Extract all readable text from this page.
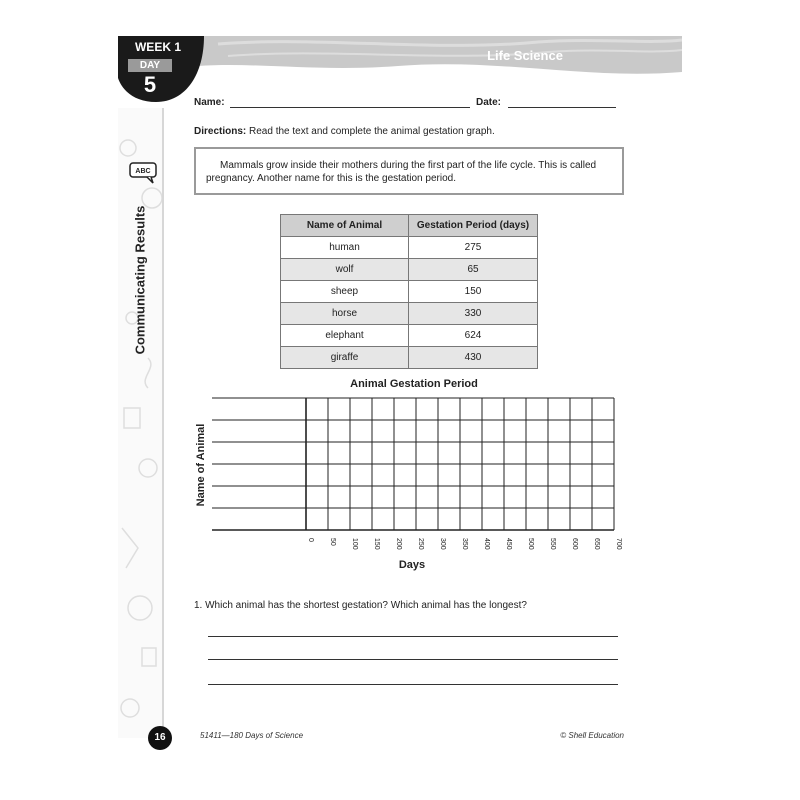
Life Science
WEEK 1
DAY
5
ABC
Communicating Results
Name:	Date:
Directions: Read the text and complete the animal gestation graph.

Mammals grow inside their mothers during the first part of the life cycle. This is called pregnancy. Another name for this is the gestation period.

Name of Animal	Gestation Period (days)
human	275
wolf	65
sheep	150
horse	330
elephant	624
giraffe	430
Animal Gestation Period
0 50 100 150 200 250 300 350 400 450 500 550 600 650 700
Name of Animal
Days
1. Which animal has the shortest gestation? Which animal has the longest?
16	51411—180 Days of Science	© Shell Education
